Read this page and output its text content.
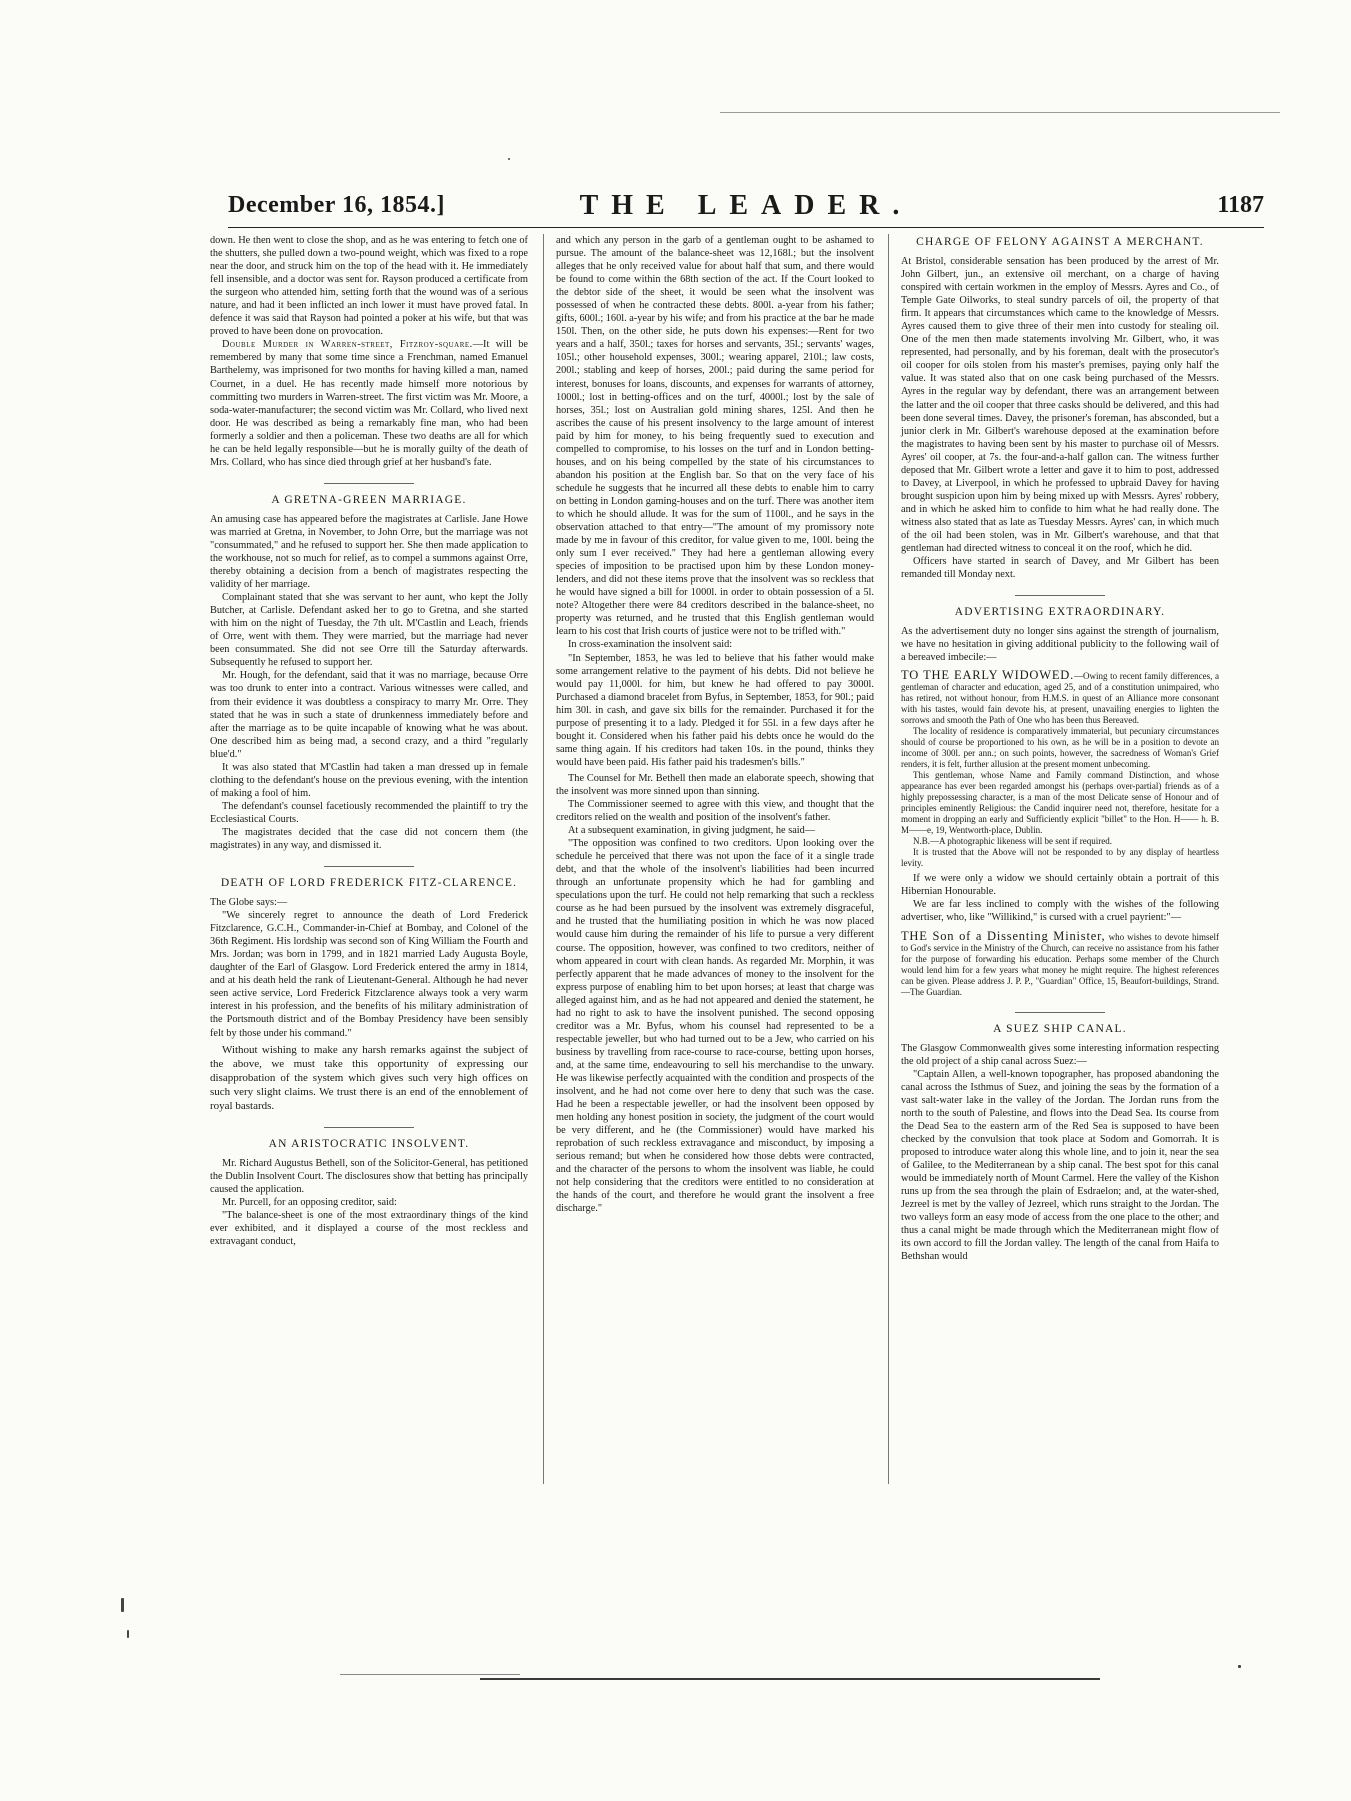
December 16, 1854.]	THE LEADER.	1187

down. He then went to close the shop, and as he was entering to fetch one of the shutters, she pulled down a two-pound weight, which was fixed to a rope near the door, and struck him on the top of the head with it. He immediately fell insensible, and a doctor was sent for. Rayson produced a certificate from the surgeon who attended him, setting forth that the wound was of a serious nature, and had it been inflicted an inch lower it must have proved fatal. In defence it was said that Rayson had pointed a poker at his wife, but that was proved to have been done on provocation.

Double Murder in Warren-street, Fitzroy-square.—It will be remembered by many that some time since a Frenchman, named Emanuel Barthelemy, was imprisoned for two months for having killed a man, named Cournet, in a duel. He has recently made himself more notorious by committing two murders in Warren-street. The first victim was Mr. Moore, a soda-water-manufacturer; the second victim was Mr. Collard, who lived next door. He was described as being a remarkably fine man, who had been formerly a soldier and then a policeman. These two deaths are all for which he can be held legally responsible—but he is morally guilty of the death of Mrs. Collard, who has since died through grief at her husband's fate.

A GRETNA-GREEN MARRIAGE.

An amusing case has appeared before the magistrates at Carlisle. Jane Howe was married at Gretna, in November, to John Orre, but the marriage was not "consummated," and he refused to support her. She then made application to the workhouse, not so much for relief, as to compel a summons against Orre, thereby obtaining a decision from a bench of magistrates respecting the validity of her marriage.

Complainant stated that she was servant to her aunt, who kept the Jolly Butcher, at Carlisle. Defendant asked her to go to Gretna, and she started with him on the night of Tuesday, the 7th ult. M'Castlin and Leach, friends of Orre, went with them. They were married, but the marriage had never been consummated. She did not see Orre till the Saturday afterwards. Subsequently he refused to support her.

Mr. Hough, for the defendant, said that it was no marriage, because Orre was too drunk to enter into a contract. Various witnesses were called, and from their evidence it was doubtless a conspiracy to marry Mr. Orre. They stated that he was in such a state of drunkenness immediately before and after the marriage as to be quite incapable of knowing what he was about. One described him as being mad, a second crazy, and a third "regularly blue'd."

It was also stated that M'Castlin had taken a man dressed up in female clothing to the defendant's house on the previous evening, with the intention of making a fool of him.

The defendant's counsel facetiously recommended the plaintiff to try the Ecclesiastical Courts.

The magistrates decided that the case did not concern them (the magistrates) in any way, and dismissed it.

DEATH OF LORD FREDERICK FITZ-CLARENCE.

The Globe says:—

"We sincerely regret to announce the death of Lord Frederick Fitzclarence, G.C.H., Commander-in-Chief at Bombay, and Colonel of the 36th Regiment. His lordship was second son of King William the Fourth and Mrs. Jordan; was born in 1799, and in 1821 married Lady Augusta Boyle, daughter of the Earl of Glasgow. Lord Frederick entered the army in 1814, and at his death held the rank of Lieutenant-General. Although he had never seen active service, Lord Frederick Fitzclarence always took a very warm interest in his profession, and the benefits of his military administration of the Portsmouth district and of the Bombay Presidency have been sensibly felt by those under his command."

Without wishing to make any harsh remarks against the subject of the above, we must take this opportunity of expressing our disapprobation of the system which gives such very high offices on such very slight claims. We trust there is an end of the ennoblement of royal bastards.

AN ARISTOCRATIC INSOLVENT.

Mr. Richard Augustus Bethell, son of the Solicitor-General, has petitioned the Dublin Insolvent Court. The disclosures show that betting has principally caused the application.

Mr. Purcell, for an opposing creditor, said:

"The balance-sheet is one of the most extraordinary things of the kind ever exhibited, and it displayed a course of the most reckless and extravagant conduct,

and which any person in the garb of a gentleman ought to be ashamed to pursue. The amount of the balance-sheet was 12,168l.; but the insolvent alleges that he only received value for about half that sum, and there would be found to come within the 68th section of the act. If the Court looked to the debtor side of the sheet, it would be seen what the insolvent was possessed of when he contracted these debts. 800l. a-year from his father; gifts, 600l.; 160l. a-year by his wife; and from his practice at the bar he made 150l. Then, on the other side, he puts down his expenses:—Rent for two years and a half, 350l.; taxes for horses and servants, 35l.; servants' wages, 105l.; other household expenses, 300l.; wearing apparel, 210l.; law costs, 200l.; stabling and keep of horses, 200l.; paid during the same period for interest, bonuses for loans, discounts, and expenses for warrants of attorney, 1000l.; lost in betting-offices and on the turf, 4000l.; lost by the sale of horses, 35l.; lost on Australian gold mining shares, 125l. And then he ascribes the cause of his present insolvency to the large amount of interest paid by him for money, to his being frequently sued to execution and compelled to compromise, to his losses on the turf and in London betting-houses, and on his being compelled by the state of his circumstances to abandon his position at the English bar. So that on the very face of his schedule he suggests that he incurred all these debts to enable him to carry on betting in London gaming-houses and on the turf. There was another item to which he should allude. It was for the sum of 1100l., and he says in the observation attached to that entry—"The amount of my promissory note made by me in favour of this creditor, for value given to me, 100l. being the only sum I ever received." They had here a gentleman allowing every species of imposition to be practised upon him by these London money-lenders, and did not these items prove that the insolvent was so reckless that he would have signed a bill for 1000l. in order to obtain possession of a 5l. note? Altogether there were 84 creditors described in the balance-sheet, no property was returned, and he trusted that this English gentleman would learn to his cost that Irish courts of justice were not to be trifled with."

In cross-examination the insolvent said:

"In September, 1853, he was led to believe that his father would make some arrangement relative to the payment of his debts. Did not believe he would pay 11,000l. for him, but knew he had offered to pay 3000l. Purchased a diamond bracelet from Byfus, in September, 1853, for 90l.; paid him 30l. in cash, and gave six bills for the remainder. Purchased it for the purpose of presenting it to a lady. Pledged it for 55l. in a few days after he bought it. Considered when his father paid his debts once he would do the same thing again. If his creditors had taken 10s. in the pound, thinks they would have been paid. His father paid his tradesmen's bills."

The Counsel for Mr. Bethell then made an elaborate speech, showing that the insolvent was more sinned upon than sinning.

The Commissioner seemed to agree with this view, and thought that the creditors relied on the wealth and position of the insolvent's father.

At a subsequent examination, in giving judgment, he said—

"The opposition was confined to two creditors. Upon looking over the schedule he perceived that there was not upon the face of it a single trade debt, and that the whole of the insolvent's liabilities had been incurred through an unfortunate propensity which he had for gambling and speculations upon the turf. He could not help remarking that such a reckless course as he had been pursued by the insolvent was extremely disgraceful, and he trusted that the humiliating position in which he was now placed would cause him during the remainder of his life to pursue a very different course. The opposition, however, was confined to two creditors, neither of whom appeared in court with clean hands. As regarded Mr. Morphin, it was perfectly apparent that he made advances of money to the insolvent for the express purpose of enabling him to bet upon horses; at least that charge was alleged against him, and as he had not appeared and denied the statement, he had no right to ask to have the insolvent punished. The second opposing creditor was a Mr. Byfus, whom his counsel had represented to be a respectable jeweller, but who had turned out to be a Jew, who carried on his business by travelling from race-course to race-course, betting upon horses, and, at the same time, endeavouring to sell his merchandise to the unwary. He was likewise perfectly acquainted with the condition and prospects of the insolvent, and he had not come over here to deny that such was the case. Had he been a respectable jeweller, or had the insolvent been opposed by men holding any honest position in society, the judgment of the court would be very different, and he (the Commissioner) would have marked his reprobation of such reckless extravagance and misconduct, by imposing a serious remand; but when he considered how those debts were contracted, and the character of the persons to whom the insolvent was liable, he could not help considering that the creditors were entitled to no consideration at the hands of the court, and therefore he would grant the insolvent a free discharge."

CHARGE OF FELONY AGAINST A MERCHANT.

At Bristol, considerable sensation has been produced by the arrest of Mr. John Gilbert, jun., an extensive oil merchant, on a charge of having conspired with certain workmen in the employ of Messrs. Ayres and Co., of Temple Gate Oilworks, to steal sundry parcels of oil, the property of that firm. It appears that circumstances which came to the knowledge of Messrs. Ayres caused them to give three of their men into custody for stealing oil. One of the men then made statements involving Mr. Gilbert, who, it was represented, had personally, and by his foreman, dealt with the prosecutor's oil cooper for oils stolen from his master's premises, paying only half the value. It was stated also that on one cask being purchased of the Messrs. Ayres in the regular way by defendant, there was an arrangement between the latter and the oil cooper that three casks should be delivered, and this had been done several times. Davey, the prisoner's foreman, has absconded, but a junior clerk in Mr. Gilbert's warehouse deposed at the examination before the magistrates to having been sent by his master to purchase oil of Messrs. Ayres' oil cooper, at 7s. the four-and-a-half gallon can. The witness further deposed that Mr. Gilbert wrote a letter and gave it to him to post, addressed to Davey, at Liverpool, in which he professed to upbraid Davey for having brought suspicion upon him by being mixed up with Messrs. Ayres' robbery, and in which he asked him to confide to him what he had really done. The witness also stated that as late as Tuesday Messrs. Ayres' can, in which much of the oil had been stolen, was in Mr. Gilbert's warehouse, and that that gentleman had directed witness to conceal it on the roof, which he did.

Officers have started in search of Davey, and Mr Gilbert has been remanded till Monday next.

ADVERTISING EXTRAORDINARY.

As the advertisement duty no longer sins against the strength of journalism, we have no hesitation in giving additional publicity to the following wail of a bereaved imbecile:—

TO THE EARLY WIDOWED.—Owing to recent family differences, a gentleman of character and education, aged 25, and of a constitution unimpaired, who has retired, not without honour, from H.M.S. in quest of an Alliance more consonant with his tastes, would fain devote his, at present, unavailing energies to lighten the sorrows and smooth the Path of One who has been thus Bereaved.

The locality of residence is comparatively immaterial, but pecuniary circumstances should of course be proportioned to his own, as he will be in a position to devote an income of 300l. per ann.; on such points, however, the sacredness of Woman's Grief renders, it is felt, further allusion at the present moment unbecoming.

This gentleman, whose Name and Family command Distinction, and whose appearance has ever been regarded amongst his (perhaps over-partial) friends as of a highly prepossessing character, is a man of the most Delicate sense of Honour and of principles eminently Religious: the Candid inquirer need not, therefore, hesitate for a moment in dropping an early and Sufficiently explicit "billet" to the Hon. H—— h. B. M——e, 19, Wentworth-place, Dublin.

N.B.—A photographic likeness will be sent if required.

It is trusted that the Above will not be responded to by any display of heartless levity.

If we were only a widow we should certainly obtain a portrait of this Hibernian Honourable.

We are far less inclined to comply with the wishes of the following advertiser, who, like "Willikind," is cursed with a cruel payrient:"—

THE Son of a Dissenting Minister, who wishes to devote himself to God's service in the Ministry of the Church, can receive no assistance from his father for the purpose of forwarding his education. Perhaps some member of the Church would lend him for a few years what money he might require. The highest references can be given. Please address J. P. P., "Guardian" Office, 15, Beaufort-buildings, Strand.—The Guardian.

A SUEZ SHIP CANAL.

The Glasgow Commonwealth gives some interesting information respecting the old project of a ship canal across Suez:—

"Captain Allen, a well-known topographer, has proposed abandoning the canal across the Isthmus of Suez, and joining the seas by the formation of a vast salt-water lake in the valley of the Jordan. The Jordan runs from the north to the south of Palestine, and flows into the Dead Sea. Its course from the Dead Sea to the eastern arm of the Red Sea is supposed to have been checked by the convulsion that took place at Sodom and Gomorrah. It is proposed to introduce water along this whole line, and to join it, near the sea of Galilee, to the Mediterranean by a ship canal. The best spot for this canal would be immediately north of Mount Carmel. Here the valley of the Kishon runs up from the sea through the plain of Esdraelon; and, at the water-shed, Jezreel is met by the valley of Jezreel, which runs straight to the Jordan. The two valleys form an easy mode of access from the one place to the other; and thus a canal might be made through which the Mediterranean might flow of its own accord to fill the Jordan valley. The length of the canal from Haifa to Bethshan would
